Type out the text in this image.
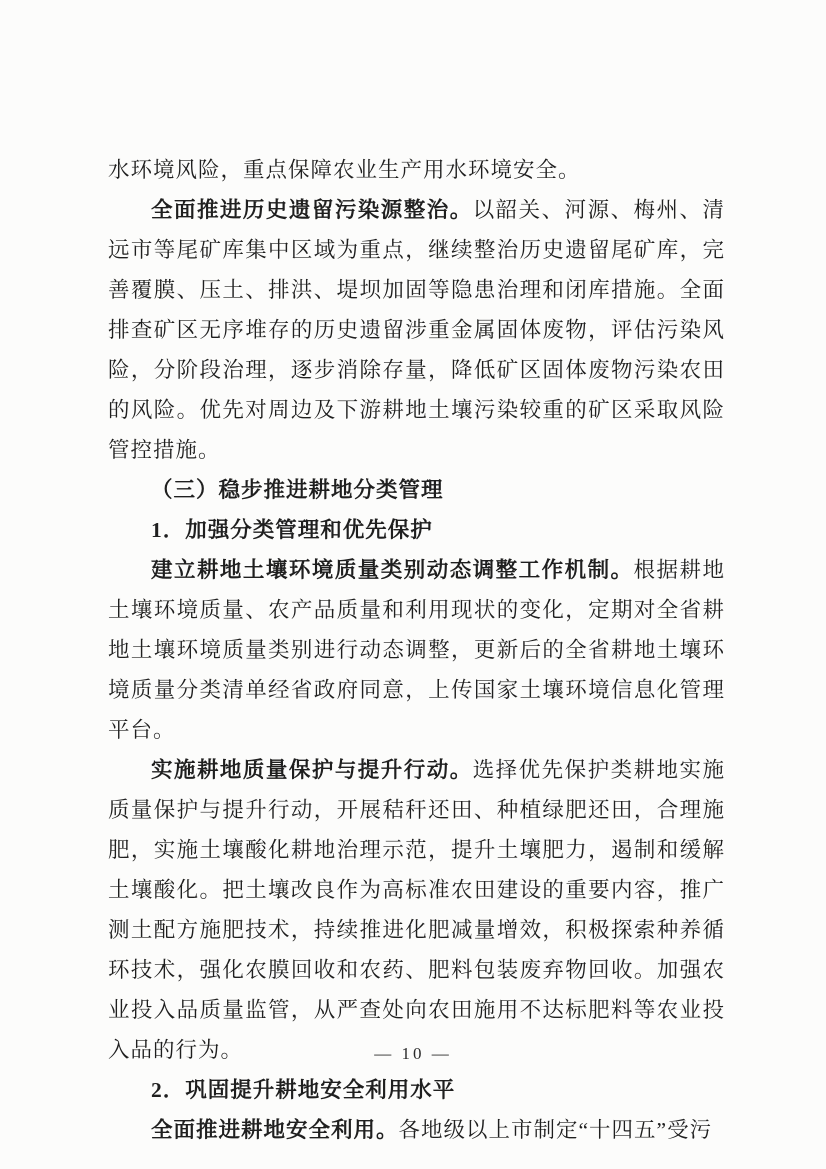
水环境风险，重点保障农业生产用水环境安全。

全面推进历史遗留污染源整治。以韶关、河源、梅州、清远市等尾矿库集中区域为重点，继续整治历史遗留尾矿库，完善覆膜、压土、排洪、堤坝加固等隐患治理和闭库措施。全面排查矿区无序堆存的历史遗留涉重金属固体废物，评估污染风险，分阶段治理，逐步消除存量，降低矿区固体废物污染农田的风险。优先对周边及下游耕地土壤污染较重的矿区采取风险管控措施。

（三）稳步推进耕地分类管理

1．加强分类管理和优先保护

建立耕地土壤环境质量类别动态调整工作机制。根据耕地土壤环境质量、农产品质量和利用现状的变化，定期对全省耕地土壤环境质量类别进行动态调整，更新后的全省耕地土壤环境质量分类清单经省政府同意，上传国家土壤环境信息化管理平台。

实施耕地质量保护与提升行动。选择优先保护类耕地实施质量保护与提升行动，开展秸秆还田、种植绿肥还田，合理施肥，实施土壤酸化耕地治理示范，提升土壤肥力，遏制和缓解土壤酸化。把土壤改良作为高标准农田建设的重要内容，推广测土配方施肥技术，持续推进化肥减量增效，积极探索种养循环技术，强化农膜回收和农药、肥料包装废弃物回收。加强农业投入品质量监管，从严查处向农田施用不达标肥料等农业投入品的行为。

2．巩固提升耕地安全利用水平

全面推进耕地安全利用。各地级以上市制定“十四五”受污

— 10 —
